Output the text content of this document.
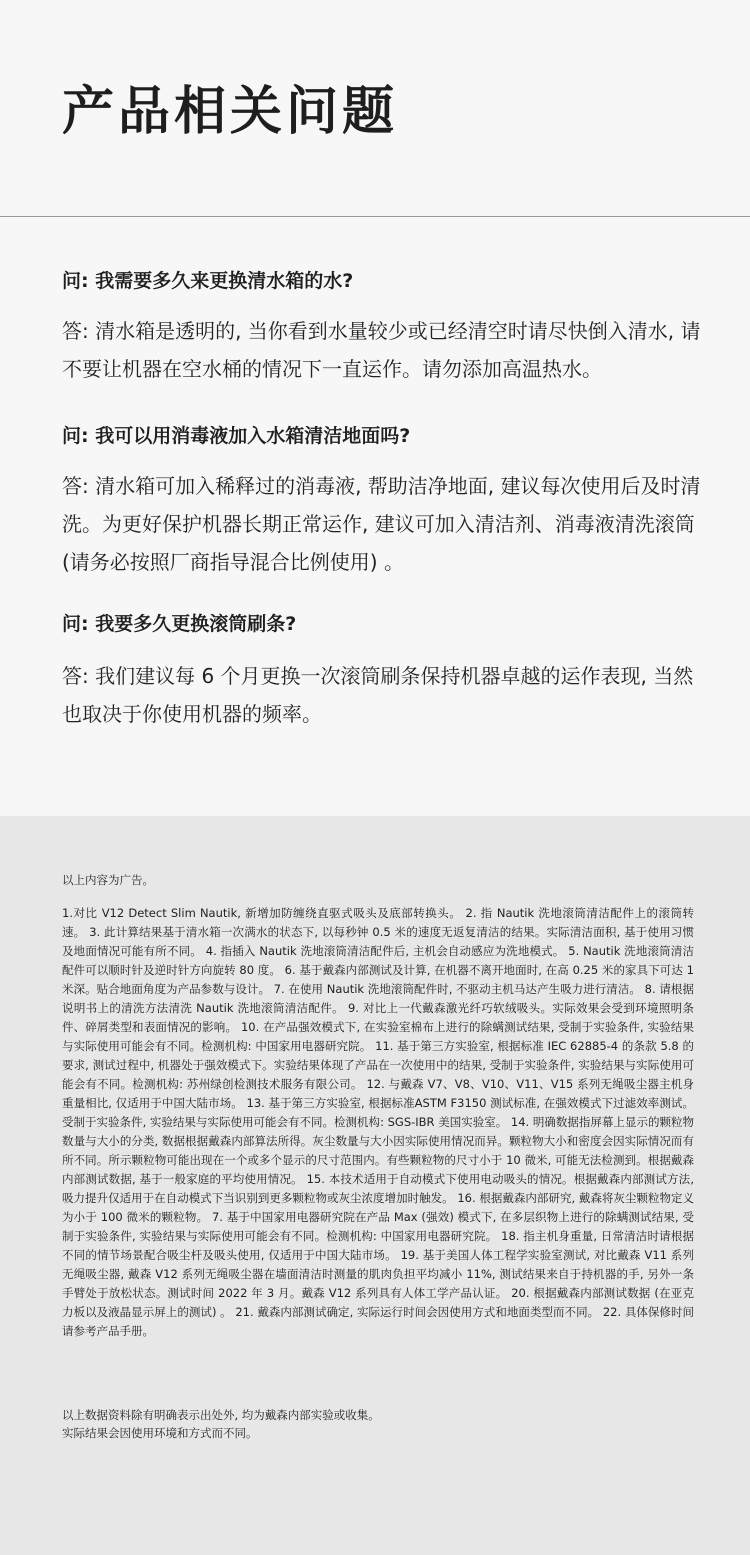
产品相关问题

问: 我需要多久来更换清水箱的水?

答: 清水箱是透明的, 当你看到水量较少或已经清空时请尽快倒入清水, 请不要让机器在空水桶的情况下一直运作。请勿添加高温热水。

问: 我可以用消毒液加入水箱清洁地面吗?

答: 清水箱可加入稀释过的消毒液, 帮助洁净地面, 建议每次使用后及时清洗。为更好保护机器长期正常运作, 建议可加入清洁剂、消毒液清洗滚筒 (请务必按照厂商指导混合比例使用) 。

问: 我要多久更换滚筒刷条?

答: 我们建议每 6 个月更换一次滚筒刷条保持机器卓越的运作表现, 当然也取决于你使用机器的频率。

以上内容为广告。

1.对比 V12 Detect Slim Nautik, 新增加防缠绕直驱式吸头及底部转换头。 2. 指 Nautik 洗地滚筒清洁配件上的滚筒转速。 3. 此计算结果基于清水箱一次满水的状态下, 以每秒钟 0.5 米的速度无返复清洁的结果。实际清洁面积, 基于使用习惯及地面情况可能有所不同。 4. 指插入 Nautik 洗地滚筒清洁配件后, 主机会自动感应为洗地模式。 5. Nautik 洗地滚筒清洁配件可以顺时针及逆时针方向旋转 80 度。 6. 基于戴森内部测试及计算, 在机器不离开地面时, 在高 0.25 米的家具下可达 1 米深。贴合地面角度为产品参数与设计。 7. 在使用 Nautik 洗地滚筒配件时, 不驱动主机马达产生吸力进行清洁。 8. 请根据说明书上的清洗方法清洗 Nautik 洗地滚筒清洁配件。 9. 对比上一代戴森激光纤巧软绒吸头。实际效果会受到环境照明条件、碎屑类型和表面情况的影响。 10. 在产品强效模式下, 在实验室棉布上进行的除螨测试结果, 受制于实验条件, 实验结果与实际使用可能会有不同。检测机构: 中国家用电器研究院。 11. 基于第三方实验室, 根据标准 IEC 62885-4 的条款 5.8 的要求, 测试过程中, 机器处于强效模式下。实验结果体现了产品在一次使用中的结果, 受制于实验条件, 实验结果与实际使用可能会有不同。检测机构: 苏州绿创检测技术服务有限公司。 12. 与戴森 V7、V8、V10、V11、V15 系列无绳吸尘器主机身重量相比, 仅适用于中国大陆市场。 13. 基于第三方实验室, 根据标准ASTM F3150 测试标准, 在强效模式下过滤效率测试。受制于实验条件, 实验结果与实际使用可能会有不同。检测机构: SGS-IBR 美国实验室。 14. 明确数据指屏幕上显示的颗粒物数量与大小的分类, 数据根据戴森内部算法所得。灰尘数量与大小因实际使用情况而异。颗粒物大小和密度会因实际情况而有所不同。所示颗粒物可能出现在一个或多个显示的尺寸范围内。有些颗粒物的尺寸小于 10 微米, 可能无法检测到。根据戴森内部测试数据, 基于一般家庭的平均使用情况。 15. 本技术适用于自动模式下使用电动吸头的情况。根据戴森内部测试方法, 吸力提升仅适用于在自动模式下当识别到更多颗粒物或灰尘浓度增加时触发。 16. 根据戴森内部研究, 戴森将灰尘颗粒物定义为小于 100 微米的颗粒物。 7. 基于中国家用电器研究院在产品 Max (强效) 模式下, 在多层织物上进行的除螨测试结果, 受制于实验条件, 实验结果与实际使用可能会有不同。检测机构: 中国家用电器研究院。 18. 指主机身重量, 日常清洁时请根据不同的情节场景配合吸尘杆及吸头使用, 仅适用于中国大陆市场。 19. 基于美国人体工程学实验室测试, 对比戴森 V11 系列无绳吸尘器, 戴森 V12 系列无绳吸尘器在墙面清洁时测量的肌肉负担平均减小 11%, 测试结果来自于持机器的手, 另外一条手臂处于放松状态。测试时间 2022 年 3 月。戴森 V12 系列具有人体工学产品认证。 20. 根据戴森内部测试数据 (在亚克力板以及液晶显示屏上的测试) 。 21. 戴森内部测试确定, 实际运行时间会因使用方式和地面类型而不同。 22. 具体保修时间请参考产品手册。

以上数据资料除有明确表示出处外, 均为戴森内部实验或收集。
实际结果会因使用环境和方式而不同。
